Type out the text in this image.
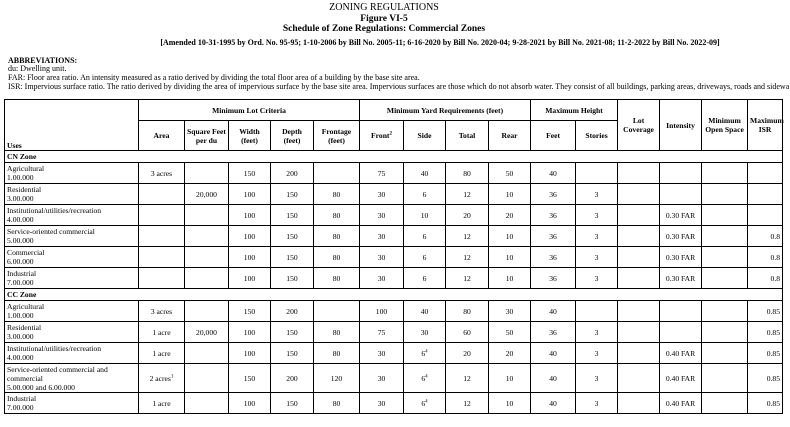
ZONING REGULATIONS
Figure VI-5
Schedule of Zone Regulations: Commercial Zones
[Amended 10-31-1995 by Ord. No. 95-95; 1-10-2006 by Bill No. 2005-11; 6-16-2020 by Bill No. 2020-04; 9-28-2021 by Bill No. 2021-08; 11-2-2022 by Bill No. 2022-09]
ABBREVIATIONS:
du: Dwelling unit.
FAR: Floor area ratio. An intensity measured as a ratio derived by dividing the total floor area of a building by the base site area.
ISR: Impervious surface ratio. The ratio derived by dividing the area of impervious surface by the base site area. Impervious surfaces are those which do not absorb water. They consist of all buildings, parking areas, driveways, roads and sidewa
Uses	Minimum Lot Criteria					Minimum Yard Requirements (feet)				Maximum Height		Lot Coverage	Intensity	Minimum Open Space	Maximum ISR
	Area	Square Feet per du	Width (feet)	Depth (feet)	Frontage (feet)	Front$^2$	Side	Total	Rear	Feet	Stories				
CN Zone															

Agricultural
1.00.000	3 acres		150	200		75	40	80	50	40					

Residential
3.00.000		20,000	100	150	80	30	6	12	10	36	3				

Institutional/utilities/recreation
4.00.000			100	150	80	30	10	20	20	36	3		0.30 FAR		

Service-oriented commercial
5.00.000			100	150	80	30	6	12	10	36	3		0.30 FAR		0.8

Commercial
6.00.000			100	150	80	30	6	12	10	36	3		0.30 FAR		0.8

Industrial
7.00.000			100	150	80	30	6	12	10	36	3		0.30 FAR		0.8
CC Zone															

Agricultural
1.00.000	3 acres		150	200		100	40	80	30	40					0.85

Residential
3.00.000	1 acre	20,000	100	150	80	75	30	60	50	36	3				0.85

Institutional/utilities/recreation
4.00.000	1 acre		100	150	80	30	$6^4$	20	20	40	3		0.40 FAR		0.85

Service-oriented commercial and commercial
5.00.000 and 6.00.000	2 acres$^1$		150	200	120	30	$6^4$	12	10	40	3		0.40 FAR		0.85

Industrial
7.00.000	1 acre		100	150	80	30	$6^4$	12	10	40	3		0.40 FAR		0.85
